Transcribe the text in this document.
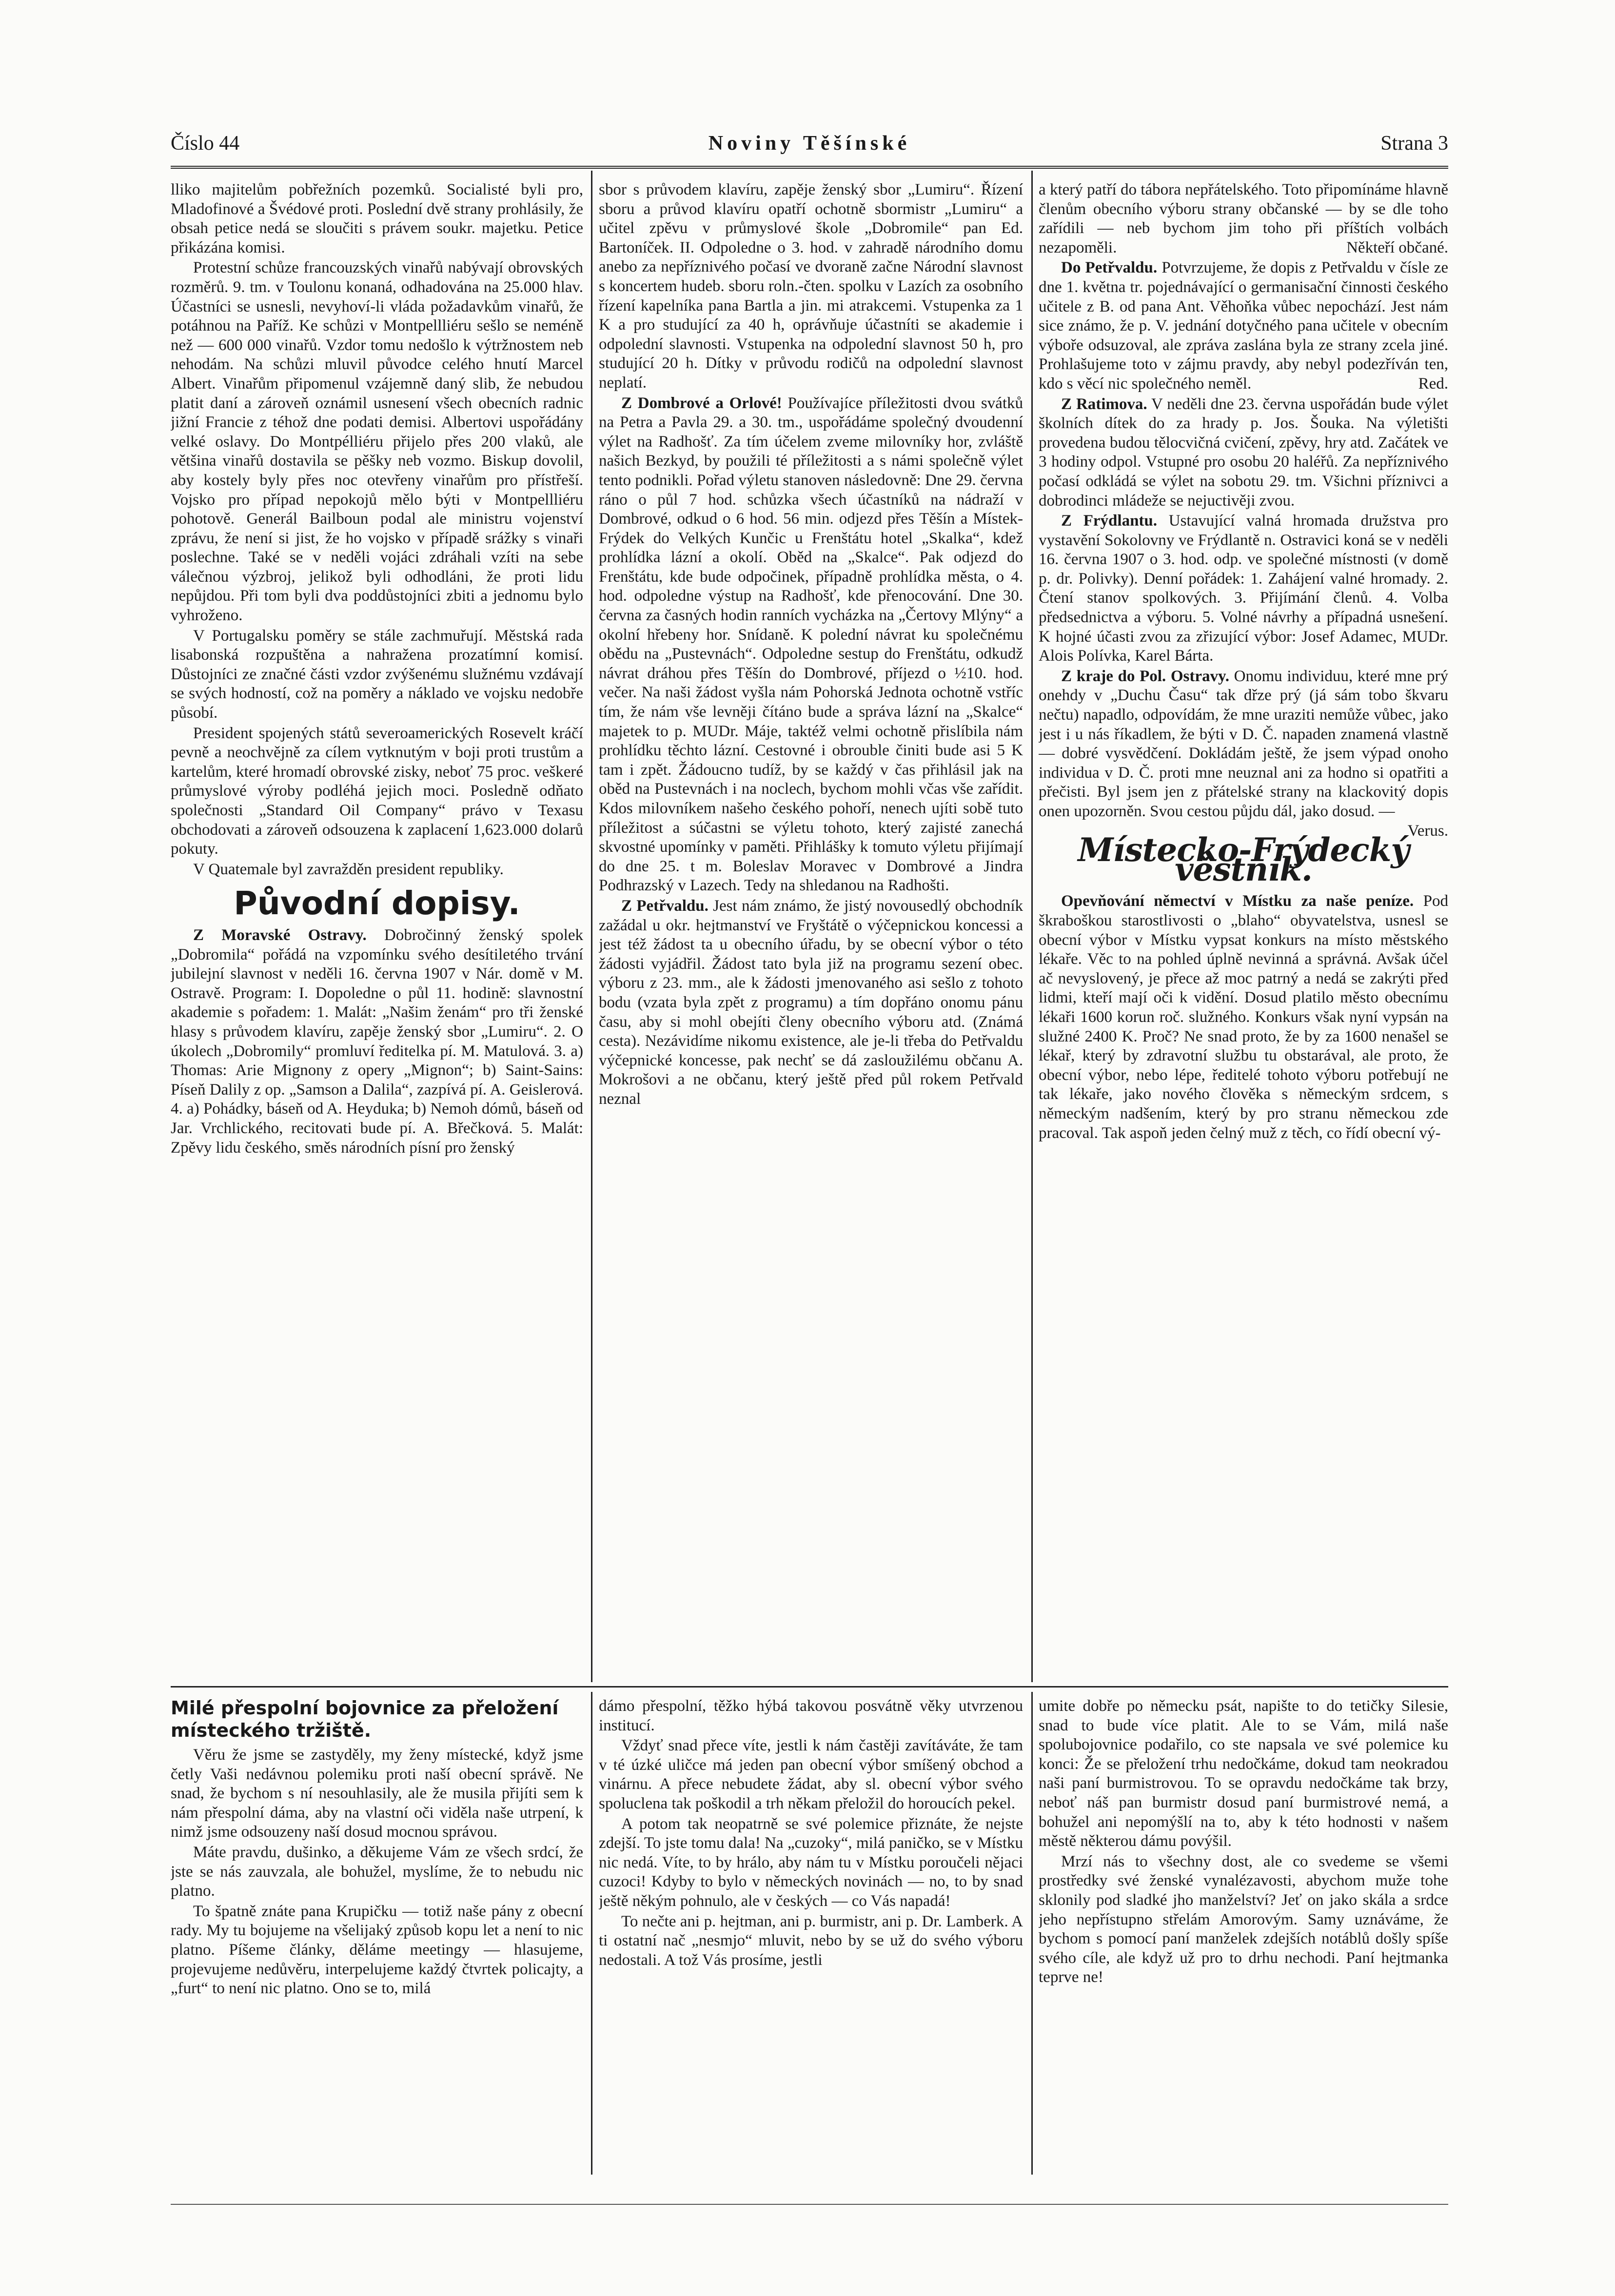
Číslo 44	Noviny Těšínské	Strana 3

lliko majitelům pobřežních pozemků. Socialisté byli pro, Mladofinové a Švédové proti. Poslední dvě strany prohlásily, že obsah petice nedá se sloučiti s právem soukr. majetku. Petice přikázána komisi.

Protestní schůze francouzských vinařů nabývají obrovských rozměrů. 9. tm. v Toulonu konaná, odhadována na 25.000 hlav. Účastníci se usnesli, nevyhoví-li vláda požadavkům vinařů, že potáhnou na Paříž. Ke schůzi v Montpellliéru sešlo se neméně než — 600 000 vinařů. Vzdor tomu nedošlo k výtržnostem neb nehodám. Na schůzi mluvil původce celého hnutí Marcel Albert. Vinařům připomenul vzájemně daný slib, že nebudou platit daní a zároveň oznámil usnesení všech obecních radnic jižní Francie z téhož dne podati demisi. Albertovi uspořádány velké oslavy. Do Montpélliéru přijelo přes 200 vlaků, ale většina vinařů dostavila se pěšky neb vozmo. Biskup dovolil, aby kostely byly přes noc otevřeny vinařům pro přístřeší. Vojsko pro případ nepokojů mělo býti v Montpellliéru pohotově. Generál Bailboun podal ale ministru vojenství zprávu, že není si jist, že ho vojsko v případě srážky s vinaři poslechne. Také se v neděli vojáci zdráhali vzíti na sebe válečnou výzbroj, jelikož byli odhodláni, že proti lidu nepůjdou. Při tom byli dva poddůstojníci zbiti a jednomu bylo vyhroženo.

V Portugalsku poměry se stále zachmuřují. Městská rada lisabonská rozpuštěna a nahražena prozatímní komisí. Důstojníci ze značné části vzdor zvýšenému služnému vzdávají se svých hodností, což na poměry a náklado ve vojsku nedobře působí.

President spojených států severoamerických Rosevelt kráčí pevně a neochvějně za cílem vytknutým v boji proti trustům a kartelům, které hromadí obrovské zisky, neboť 75 proc. veškeré průmyslové výroby podléhá jejich moci. Posledně odňato společnosti „Standard Oil Company“ právo v Texasu obchodovati a zároveň odsouzena k zaplacení 1,623.000 dolarů pokuty.

V Quatemale byl zavražděn president republiky.

Původní dopisy.

Z Moravské Ostravy. Dobročinný ženský spolek „Dobromila“ pořádá na vzpomínku svého desítiletého trvání jubilejní slavnost v neděli 16. června 1907 v Nár. domě v M. Ostravě. Program: I. Dopoledne o půl 11. hodině: slavnostní akademie s pořadem: 1. Malát: „Našim ženám“ pro tři ženské hlasy s průvodem klavíru, zapěje ženský sbor „Lumiru“. 2. O úkolech „Dobromily“ promluví ředitelka pí. M. Matulová. 3. a) Thomas: Arie Mignony z opery „Mignon“; b) Saint-Sains: Píseň Dalily z op. „Samson a Dalila“, zazpívá pí. A. Geislerová. 4. a) Pohádky, báseň od A. Heyduka; b) Nemoh dómů, báseň od Jar. Vrchlického, recitovati bude pí. A. Břečková. 5. Malát: Zpěvy lidu českého, směs národních písní pro ženský

sbor s průvodem klavíru, zapěje ženský sbor „Lumiru“. Řízení sboru a průvod klavíru opatří ochotně sbormistr „Lumiru“ a učitel zpěvu v průmyslové škole „Dobromile“ pan Ed. Bartoníček. II. Odpoledne o 3. hod. v zahradě národního domu anebo za nepříznivého počasí ve dvoraně začne Národní slavnost s koncertem hudeb. sboru roln.-čten. spolku v Lazích za osobního řízení kapelníka pana Bartla a jin. mi atrakcemi. Vstupenka za 1 K a pro studující za 40 h, oprávňuje účastníti se akademie i odpolední slavnosti. Vstupenka na odpolední slavnost 50 h, pro studující 20 h. Dítky v průvodu rodičů na odpolední slavnost neplatí.

Z Dombrové a Orlové! Používajíce příležitosti dvou svátků na Petra a Pavla 29. a 30. tm., uspořádáme společný dvoudenní výlet na Radhošť. Za tím účelem zveme milovníky hor, zvláště našich Bezkyd, by použili té příležitosti a s námi společně výlet tento podnikli. Pořad výletu stanoven následovně: Dne 29. června ráno o půl 7 hod. schůzka všech účastníků na nádraží v Dombrové, odkud o 6 hod. 56 min. odjezd přes Těšín a Místek-Frýdek do Velkých Kunčic u Frenštátu hotel „Skalka“, kdež prohlídka lázní a okolí. Oběd na „Skalce“. Pak odjezd do Frenštátu, kde bude odpočinek, případně prohlídka města, o 4. hod. odpoledne výstup na Radhošť, kde přenocování. Dne 30. června za časných hodin ranních vycházka na „Čertovy Mlýny“ a okolní hřebeny hor. Snídaně. K polední návrat ku společnému obědu na „Pustevnách“. Odpoledne sestup do Frenštátu, odkudž návrat dráhou přes Těšín do Dombrové, příjezd o ½10. hod. večer. Na naši žádost vyšla nám Pohorská Jednota ochotně vstříc tím, že nám vše levněji čítáno bude a správa lázní na „Skalce“ majetek to p. MUDr. Máje, taktéž velmi ochotně přislíbila nám prohlídku těchto lázní. Cestovné i obrouble činiti bude asi 5 K tam i zpět. Žádoucno tudíž, by se každý v čas přihlásil jak na oběd na Pustevnách i na noclech, bychom mohli včas vše zařídit. Kdos milovníkem našeho českého pohoří, nenech ujíti sobě tuto příležitost a súčastni se výletu tohoto, který zajisté zanechá skvostné upomínky v paměti. Přihlášky k tomuto výletu přijímají do dne 25. t m. Boleslav Moravec v Dombrové a Jindra Podhrazský v Lazech. Tedy na shledanou na Radhošti.

Z Petřvaldu. Jest nám známo, že jistý novousedlý obchodník zažádal u okr. hejtmanství ve Fryštátě o výčepnickou koncessi a jest též žádost ta u obecního úřadu, by se obecní výbor o této žádosti vyjádřil. Žádost tato byla již na programu sezení obec. výboru z 23. mm., ale k žádosti jmenovaného asi sešlo z tohoto bodu (vzata byla zpět z programu) a tím dopřáno onomu pánu času, aby si mohl obejíti členy obecního výboru atd. (Známá cesta). Nezávidíme nikomu existence, ale je-li třeba do Petřvaldu výčepnické koncesse, pak nechť se dá zasloužilému občanu A. Mokrošovi a ne občanu, který ještě před půl rokem Petřvald neznal

a který patří do tábora nepřátelského. Toto připomínáme hlavně členům obecního výboru strany občanské — by se dle toho zařídili — neb bychom jim toho při příštích volbách nezapoměli.	Někteří občané.

Do Petřvaldu. Potvrzujeme, že dopis z Petřvaldu v čísle ze dne 1. května tr. pojednávající o germanisační činnosti českého učitele z B. od pana Ant. Věhoňka vůbec nepochází. Jest nám sice známo, že p. V. jednání dotyčného pana učitele v obecním výboře odsuzoval, ale zpráva zaslána byla ze strany zcela jiné. Prohlašujeme toto v zájmu pravdy, aby nebyl podezříván ten, kdo s věcí nic společného neměl.	Red.

Z Ratimova. V neděli dne 23. června uspořádán bude výlet školních dítek do za hrady p. Jos. Šouka. Na výletišti provedena budou tělocvičná cvičení, zpěvy, hry atd. Začátek ve 3 hodiny odpol. Vstupné pro osobu 20 haléřů. Za nepříznivého počasí odkládá se výlet na sobotu 29. tm. Všichni příznivci a dobrodinci mládeže se nejuctivěji zvou.

Z Frýdlantu. Ustavující valná hromada družstva pro vystavění Sokolovny ve Frýdlantě n. Ostravici koná se v neděli 16. června 1907 o 3. hod. odp. ve společné místnosti (v domě p. dr. Polivky). Denní pořádek: 1. Zahájení valné hromady. 2. Čtení stanov spolkových. 3. Přijímání členů. 4. Volba předsednictva a výboru. 5. Volné návrhy a případná usnešení. K hojné účasti zvou za zřizující výbor: Josef Adamec, MUDr. Alois Polívka, Karel Bárta.

Z kraje do Pol. Ostravy. Onomu individuu, které mne prý onehdy v „Duchu Času“ tak dřze prý (já sám tobo škvaru nečtu) napadlo, odpovídám, že mne uraziti nemůže vůbec, jako jest i u nás říkadlem, že býti v D. Č. napaden znamená vlastně — dobré vysvědčení. Dokládám ještě, že jsem výpad onoho individua v D. Č. proti mne neuznal ani za hodno si opatřiti a přečisti. Byl jsem jen z přátelské strany na klackovitý dopis onen upozorněn. Svou cestou půjdu dál, jako dosud. —
Verus.

Místecko-Frýdecký věstník.

Opevňování němectví v Místku za naše peníze. Pod škraboškou starostlivosti o „blaho“ obyvatelstva, usnesl se obecní výbor v Místku vypsat konkurs na místo městského lékaře. Věc to na pohled úplně nevinná a správná. Avšak účel ač nevyslovený, je přece až moc patrný a nedá se zakrýti před lidmi, kteří mají oči k vidění. Dosud platilo město obecnímu lékaři 1600 korun roč. služného. Konkurs však nyní vypsán na služné 2400 K. Proč? Ne snad proto, že by za 1600 nenašel se lékař, který by zdravotní službu tu obstarával, ale proto, že obecní výbor, nebo lépe, ředitelé tohoto výboru potřebují ne tak lékaře, jako nového člověka s německým srdcem, s německým nadšením, který by pro stranu německou zde pracoval. Tak aspoň jeden čelný muž z těch, co řídí obecní vý-

Milé přespolní bojovnice za přeložení místeckého tržiště.

Věru že jsme se zastyděly, my ženy místecké, když jsme četly Vaši nedávnou polemiku proti naší obecní správě. Ne snad, že bychom s ní nesouhlasily, ale že musila přijíti sem k nám přespolní dáma, aby na vlastní oči viděla naše utrpení, k nimž jsme odsouzeny naší dosud mocnou správou.

Máte pravdu, dušinko, a děkujeme Vám ze všech srdcí, že jste se nás zauvzala, ale bohužel, myslíme, že to nebudu nic platno.

To špatně znáte pana Krupičku — totiž naše pány z obecní rady. My tu bojujeme na všelijaký způsob kopu let a není to nic platno. Píšeme články, děláme meetingy — hlasujeme, projevujeme nedůvěru, interpelujeme každý čtvrtek policajty, a „furt“ to není nic platno. Ono se to, milá

dámo přespolní, těžko hýbá takovou posvátně věky utvrzenou institucí.

Vždyť snad přece víte, jestli k nám častěji zavítáváte, že tam v té úzké uličce má jeden pan obecní výbor smíšený obchod a vinárnu. A přece nebudete žádat, aby sl. obecní výbor svého spoluclena tak poškodil a trh někam přeložil do horoucích pekel.

A potom tak neopatrně se své polemice přiznáte, že nejste zdejší. To jste tomu dala! Na „cuzoky“, milá paničko, se v Místku nic nedá. Víte, to by hrálo, aby nám tu v Místku poroučeli nějaci cuzoci! Kdyby to bylo v německých novinách — no, to by snad ještě někým pohnulo, ale v českých — co Vás napadá!

To nečte ani p. hejtman, ani p. burmistr, ani p. Dr. Lamberk. A ti ostatní nač „nesmjo“ mluvit, nebo by se už do svého výboru nedostali. A tož Vás prosíme, jestli

umite dobře po německu psát, napište to do tetičky Silesie, snad to bude více platit. Ale to se Vám, milá naše spolubojovnice podařilo, co ste napsala ve své polemice ku konci: Že se přeložení trhu nedočkáme, dokud tam neokradou naši paní burmistrovou. To se opravdu nedočkáme tak brzy, neboť náš pan burmistr dosud paní burmistrové nemá, a bohužel ani nepomýšlí na to, aby k této hodnosti v našem městě některou dámu povýšil.

Mrzí nás to všechny dost, ale co svedeme se všemi prostředky své ženské vynalézavosti, abychom muže tohe sklonily pod sladké jho manželství? Jeť on jako skála a srdce jeho nepřístupno střelám Amorovým. Samy uznáváme, že bychom s pomocí paní manželek zdejších notáblů došly spíše svého cíle, ale když už pro to drhu nechodi. Paní hejtmanka teprve ne!
